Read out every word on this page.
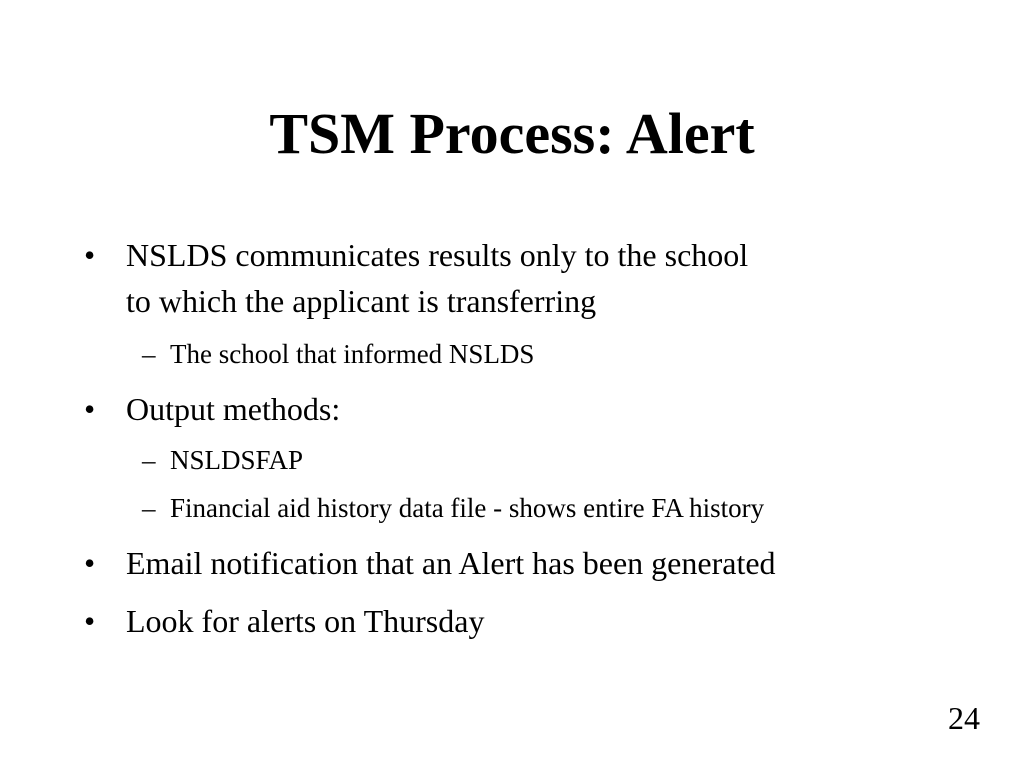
TSM Process: Alert
• NSLDS communicates results only to the school
to which the applicant is transferring
– The school that informed NSLDS
• Output methods:
– NSLDSFAP
– Financial aid history data file - shows entire FA history
• Email notification that an Alert has been generated
• Look for alerts on Thursday

24
